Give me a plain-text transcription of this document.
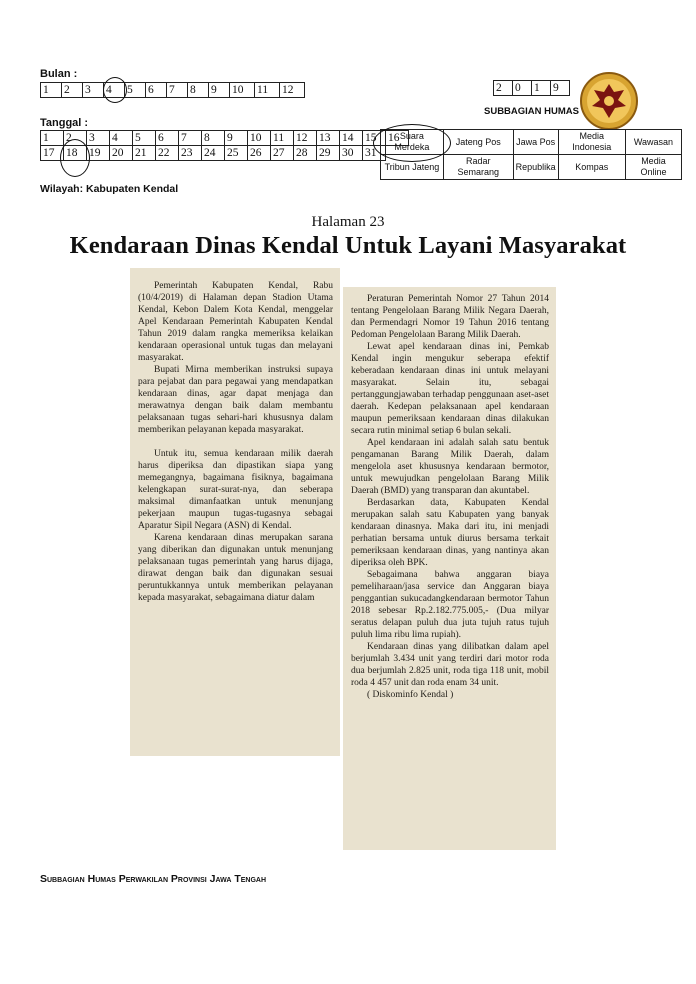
Bulan :
1	2	3	4	5	6	7	8	9	10	11	12
Tanggal :
1	2	3	4	5	6	7	8	9	10	11	12	13	14	15	16
17	18	19	20	21	22	23	24	25	26	27	28	29	30	31	
Wilayah: Kabupaten Kendal
2	0	1	9
SUBBAGIAN HUMAS
Suara Merdeka	Jateng Pos	Jawa Pos	Media Indonesia	Wawasan
Tribun Jateng	Radar Semarang	Republika	Kompas	Media Online
Halaman 23
Kendaraan Dinas Kendal Untuk Layani Masyarakat

Pemerintah Kabupaten Kendal, Rabu (10/4/2019) di Halaman depan Stadion Utama Kendal, Kebon Dalem Kota Kendal, menggelar Apel Kendaraan Pemerintah Kabupaten Kendal Tahun 2019 dalam rangka memeriksa kelaikan kendaraan operasional untuk tugas dan melayani masyarakat.

Bupati Mirna memberikan instruksi supaya para pejabat dan para pegawai yang mendapatkan kendaraan dinas, agar dapat menjaga dan merawatnya dengan baik dalam membantu pelaksanaan tugas sehari-hari khususnya dalam memberikan pelayanan kepada masyarakat.

Untuk itu, semua kendaraan milik daerah harus diperiksa dan dipastikan siapa yang memegangnya, bagaimana fisiknya, bagaimana kelengkapan surat-surat-nya, dan seberapa maksimal dimanfaatkan untuk menunjang pekerjaan maupun tugas-tugasnya sebagai Aparatur Sipil Negara (ASN) di Kendal.

Karena kendaraan dinas merupakan sarana yang diberikan dan digunakan untuk menunjang pelaksanaan tugas pemerintah yang harus dijaga, dirawat dengan baik dan digunakan sesuai peruntukkannya untuk memberikan pelayanan kepada masyarakat, sebagaimana diatur dalam

Peraturan Pemerintah Nomor 27 Tahun 2014 tentang Pengelolaan Barang Milik Negara Daerah, dan Permendagri Nomor 19 Tahun 2016 tentang Pedoman Pengelolaan Barang Milik Daerah.

Lewat apel kendaraan dinas ini, Pemkab Kendal ingin mengukur seberapa efektif keberadaan kendaraan dinas ini untuk melayani masyarakat. Selain itu, sebagai pertanggungjawaban terhadap penggunaan aset-aset daerah. Kedepan pelaksanaan apel kendaraan maupun pemeriksaan kendaraan dinas dilakukan secara rutin minimal setiap 6 bulan sekali.

Apel kendaraan ini adalah salah satu bentuk pengamanan Barang Milik Daerah, dalam mengelola aset khususnya kendaraan bermotor, untuk mewujudkan pengelolaan Barang Milik Daerah (BMD) yang transparan dan akuntabel.

Berdasarkan data, Kabupaten Kendal merupakan salah satu Kabupaten yang banyak kendaraan dinasnya. Maka dari itu, ini menjadi perhatian bersama untuk diurus bersama terkait pemeriksaan kendaraan dinas, yang nantinya akan diperiksa oleh BPK.

Sebagaimana bahwa anggaran biaya pemeliharaan/jasa service dan Anggaran biaya penggantian sukucadangkendaraan bermotor Tahun 2018 sebesar Rp.2.182.775.005,- (Dua milyar seratus delapan puluh dua juta tujuh ratus tujuh puluh lima ribu lima rupiah).

Kendaraan dinas yang dilibatkan dalam apel berjumlah 3.434 unit yang terdiri dari motor roda dua berjumlah 2.825 unit, roda tiga 118 unit, mobil roda 4 457 unit dan roda enam 34 unit.

( Diskominfo Kendal )

Subbagian Humas Perwakilan Provinsi Jawa Tengah
